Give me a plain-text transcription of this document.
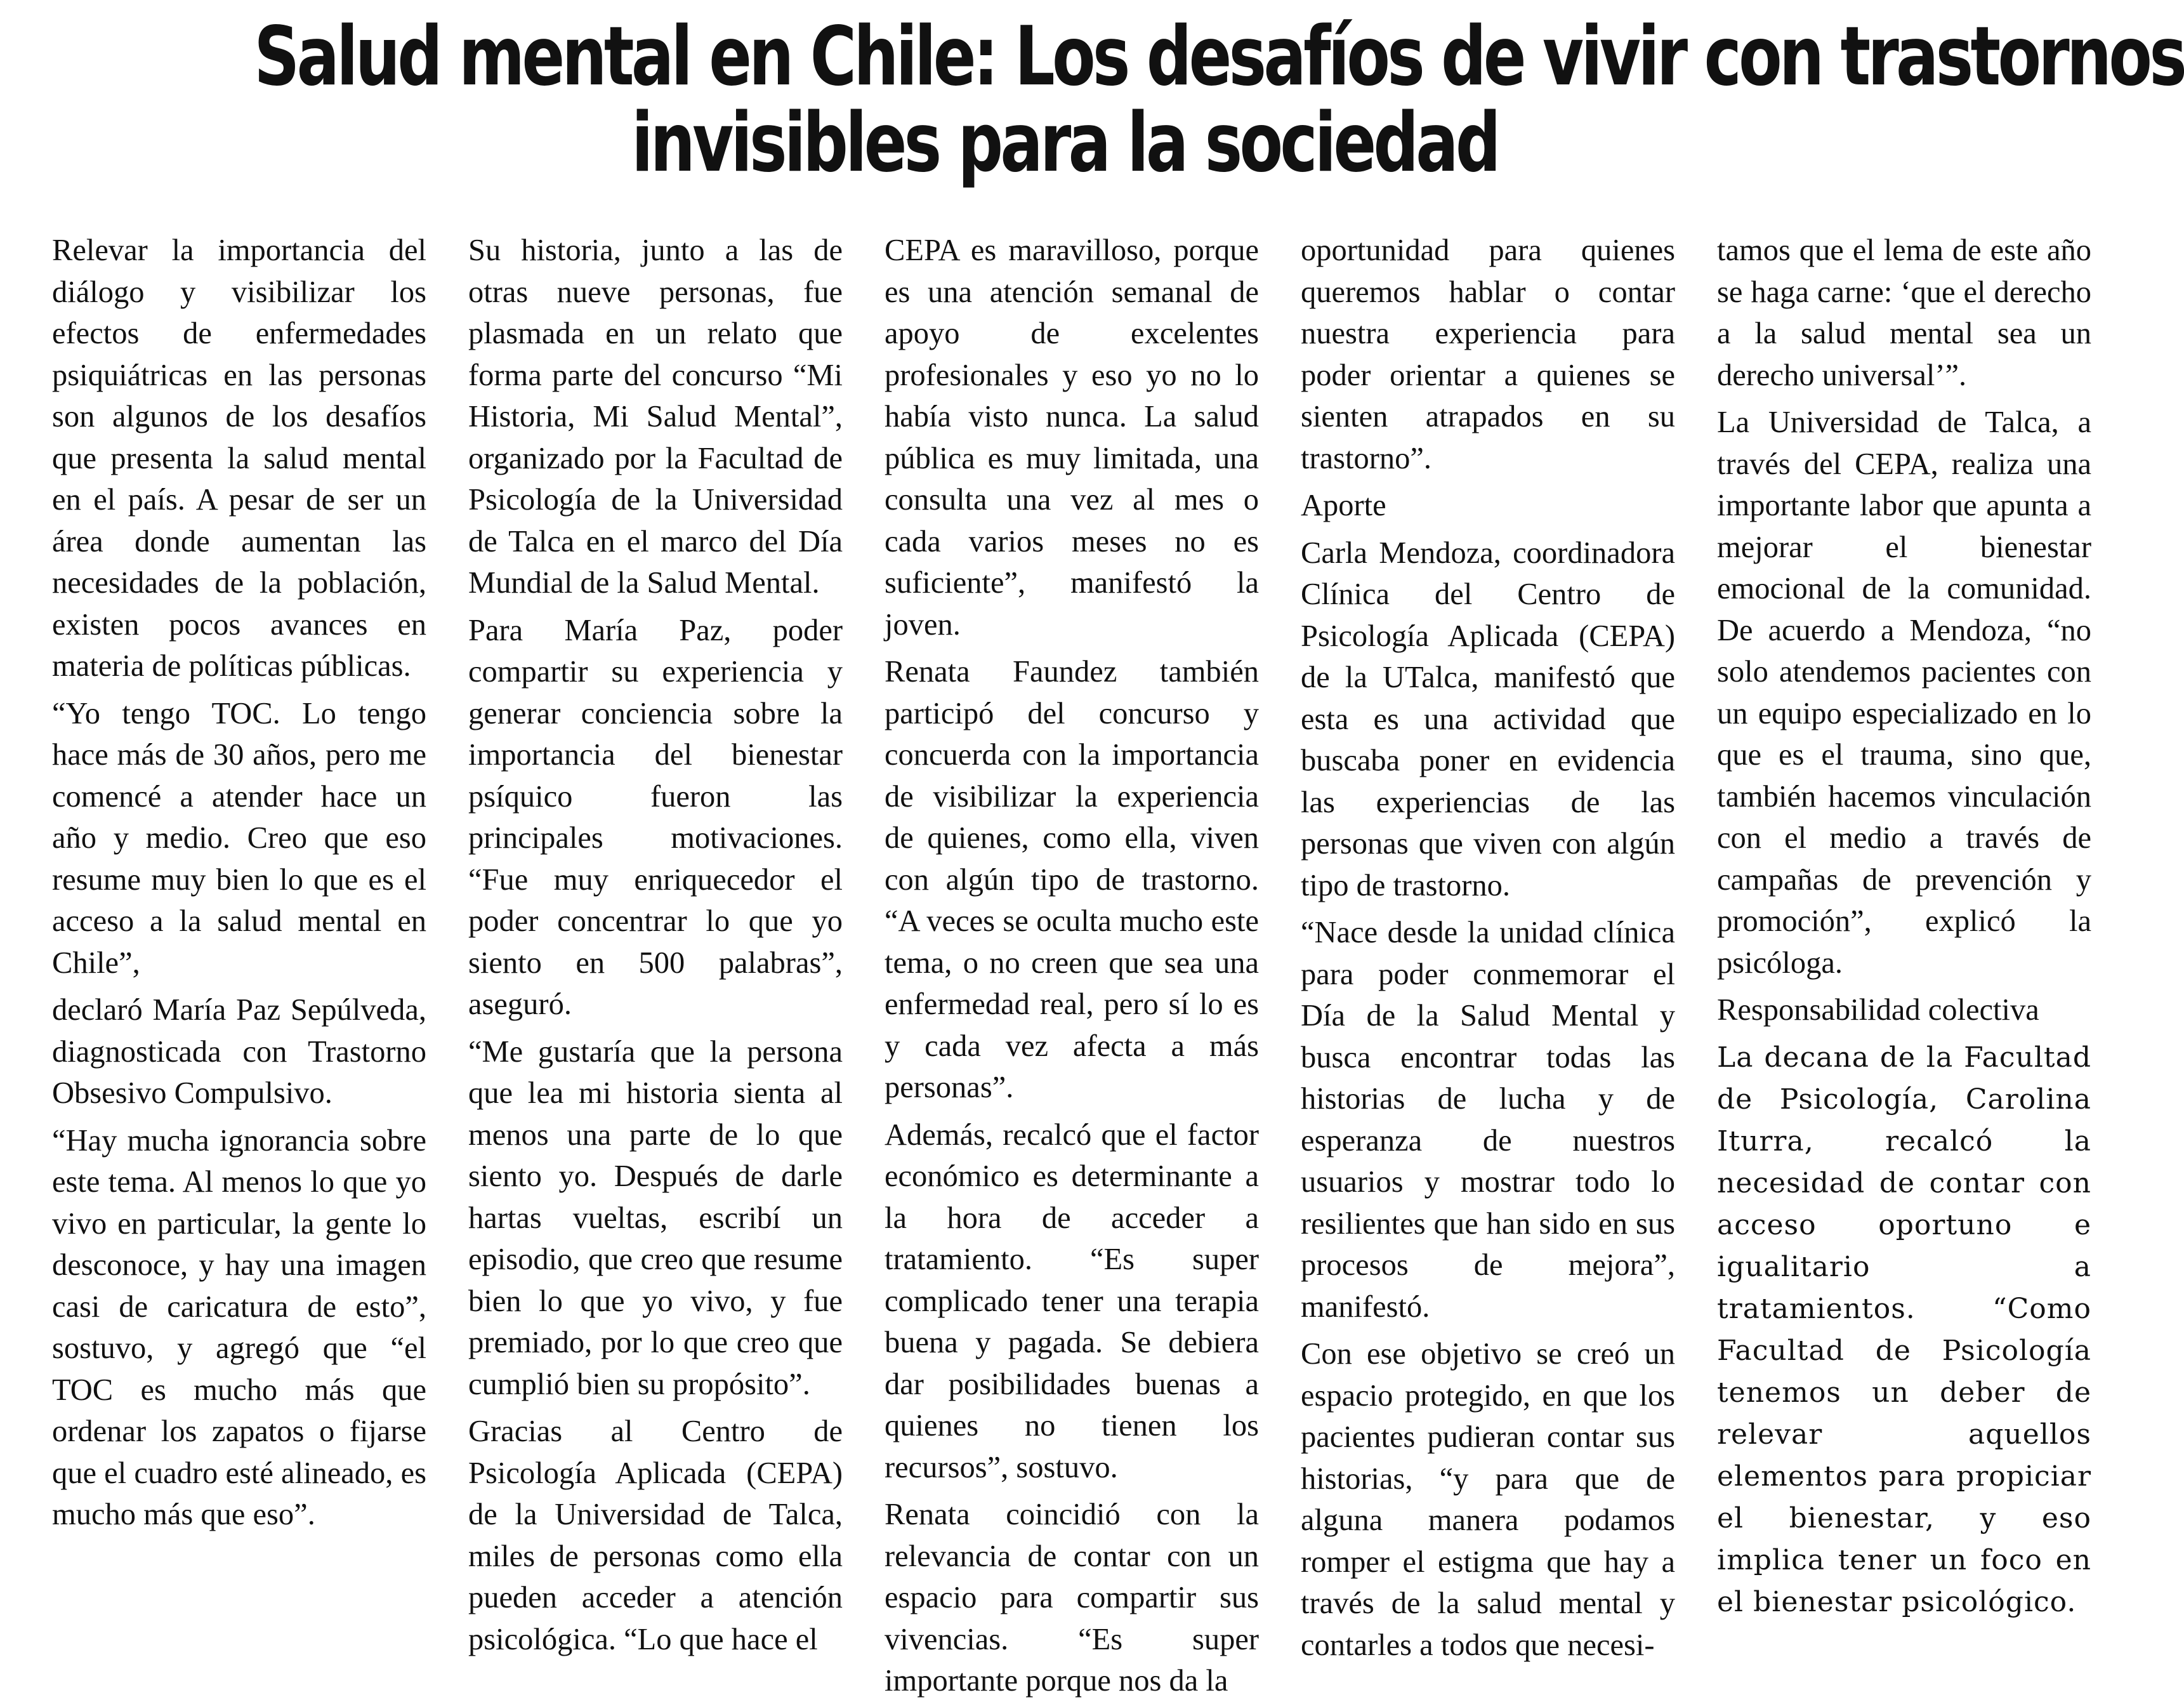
Salud mental en Chile: Los desafíos de vivir con trastornos
invisibles para la sociedad

Relevar la importancia del diálogo y visibilizar los efectos de enfermedades psiquiátricas en las personas son algunos de los desafíos que presenta la salud mental en el país. A pesar de ser un área donde aumentan las necesidades de la población, existen pocos avances en materia de políticas públicas.

“Yo tengo TOC. Lo tengo hace más de 30 años, pero me comencé a atender hace un año y medio. Creo que eso resume muy bien lo que es el acceso a la salud mental en Chile”,

declaró María Paz Sepúlveda, diagnosticada con Trastorno Obsesivo Compulsivo.

“Hay mucha ignorancia sobre este tema. Al menos lo que yo vivo en particular, la gente lo desconoce, y hay una imagen casi de caricatura de esto”, sostuvo, y agregó que “el TOC es mucho más que ordenar los zapatos o fijarse que el cuadro esté alineado, es mucho más que eso”.

Su historia, junto a las de otras nueve personas, fue plasmada en un relato que forma parte del concurso “Mi Historia, Mi Salud Mental”, organizado por la Facultad de Psicología de la Universidad de Talca en el marco del Día Mundial de la Salud Mental.

Para María Paz, poder compartir su experiencia y generar conciencia sobre la importancia del bienestar psíquico fueron las principales motivaciones. “Fue muy enriquecedor el poder concentrar lo que yo siento en 500 palabras”, aseguró.

“Me gustaría que la persona que lea mi historia sienta al menos una parte de lo que siento yo. Después de darle hartas vueltas, escribí un episodio, que creo que resume bien lo que yo vivo, y fue premiado, por lo que creo que cumplió bien su propósito”.

Gracias al Centro de Psicología Aplicada (CEPA) de la Universidad de Talca, miles de personas como ella pueden acceder a atención psicológica. “Lo que hace el

CEPA es maravilloso, porque es una atención semanal de apoyo de excelentes profesionales y eso yo no lo había visto nunca. La salud pública es muy limitada, una consulta una vez al mes o cada varios meses no es suficiente”, manifestó la joven.

Renata Faundez también participó del concurso y concuerda con la importancia de visibilizar la experiencia de quienes, como ella, viven con algún tipo de trastorno. “A veces se oculta mucho este tema, o no creen que sea una enfermedad real, pero sí lo es y cada vez afecta a más personas”.

Además, recalcó que el factor económico es determinante a la hora de acceder a tratamiento. “Es super complicado tener una terapia buena y pagada. Se debiera dar posibilidades buenas a quienes no tienen los recursos”, sostuvo.

Renata coincidió con la relevancia de contar con un espacio para compartir sus vivencias. “Es super importante porque nos da la

oportunidad para quienes queremos hablar o contar nuestra experiencia para poder orientar a quienes se sienten atrapados en su trastorno”.

Aporte

Carla Mendoza, coordinadora Clínica del Centro de Psicología Aplicada (CEPA) de la UTalca, manifestó que esta es una actividad que buscaba poner en evidencia las experiencias de las personas que viven con algún tipo de trastorno.

“Nace desde la unidad clínica para poder conmemorar el Día de la Salud Mental y busca encontrar todas las historias de lucha y de esperanza de nuestros usuarios y mostrar todo lo resilientes que han sido en sus procesos de mejora”, manifestó.

Con ese objetivo se creó un espacio protegido, en que los pacientes pudieran contar sus historias, “y para que de alguna manera podamos romper el estigma que hay a través de la salud mental y contarles a todos que necesi-

tamos que el lema de este año se haga carne: ‘que el derecho a la salud mental sea un derecho universal’”.

La Universidad de Talca, a través del CEPA, realiza una importante labor que apunta a mejorar el bienestar emocional de la comunidad. De acuerdo a Mendoza, “no solo atendemos pacientes con un equipo especializado en lo que es el trauma, sino que, también hacemos vinculación con el medio a través de campañas de prevención y promoción”, explicó la psicóloga.

Responsabilidad colectiva

La decana de la Facultad de Psicología, Carolina Iturra, recalcó la necesidad de contar con acceso oportuno e igualitario a tratamientos. “Como Facultad de Psicología tenemos un deber de relevar aquellos elementos para propiciar el bienestar, y eso implica tener un foco en el bienestar psicológico.
